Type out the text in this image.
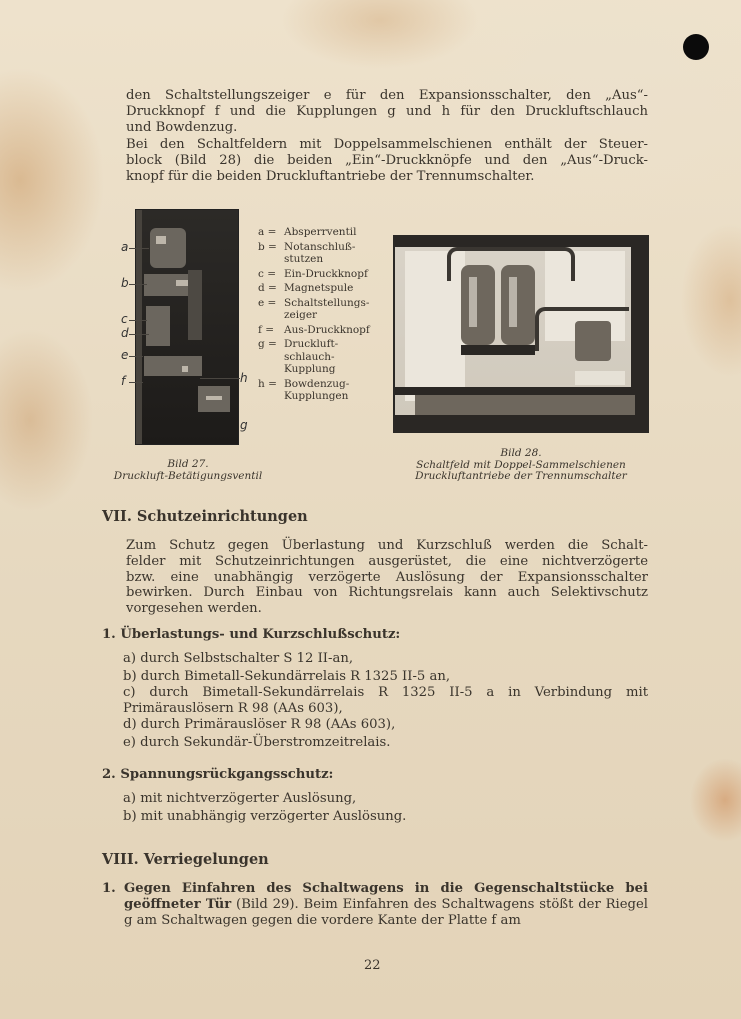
den Schaltstellungszeiger e für den Expansionsschalter, den „Aus“-
Druckknopf f und die Kupplungen g und h für den Druckluftschlauch
und Bowdenzug.
Bei den Schaltfeldern mit Doppelsammelschienen enthält der Steuer-
block (Bild 28) die beiden „Ein“-Druckknöpfe und den „Aus“-Druck-
knopf für die beiden Druckluftantriebe der Trennumschalter.
a
b
c
d
e
f	h
g
Bild 27.
Druckluft-Betätigungsventil
a = Absperrventil
b = Notanschluß-stutzen
c = Ein-Druckknopf
d = Magnetspule
e = Schaltstellungs-zeiger
f = Aus-Druckknopf
g = Druckluft-schlauch-Kupplung
h = Bowdenzug-Kupplungen
Bild 28.
Schaltfeld mit Doppel-Sammelschienen
Druckluftantriebe der Trennumschalter
VII. Schutzeinrichtungen
Zum Schutz gegen Überlastung und Kurzschluß werden die Schalt-
felder mit Schutzeinrichtungen ausgerüstet, die eine nichtverzögerte
bzw. eine unabhängig verzögerte Auslösung der Expansionsschalter
bewirken. Durch Einbau von Richtungsrelais kann auch Selektivschutz
vorgesehen werden.
1. Überlastungs- und Kurzschlußschutz:
a) durch Selbstschalter S 12 II-an,
b) durch Bimetall-Sekundärrelais R 1325 II-5 an,
c) durch Bimetall-Sekundärrelais R 1325 II-5 a in Verbindung mit
Primärauslösern R 98 (AAs 603),
d) durch Primärauslöser R 98 (AAs 603),
e) durch Sekundär-Überstromzeitrelais.
2. Spannungsrückgangsschutz:
a) mit nichtverzögerter Auslösung,
b) mit unabhängig verzögerter Auslösung.
VIII. Verriegelungen
1. Gegen Einfahren des Schaltwagens in die Gegenschaltstücke bei geöffneter Tür (Bild 29). Beim Einfahren des Schaltwagens stößt der Riegel g am Schaltwagen gegen die vordere Kante der Platte f am
22
